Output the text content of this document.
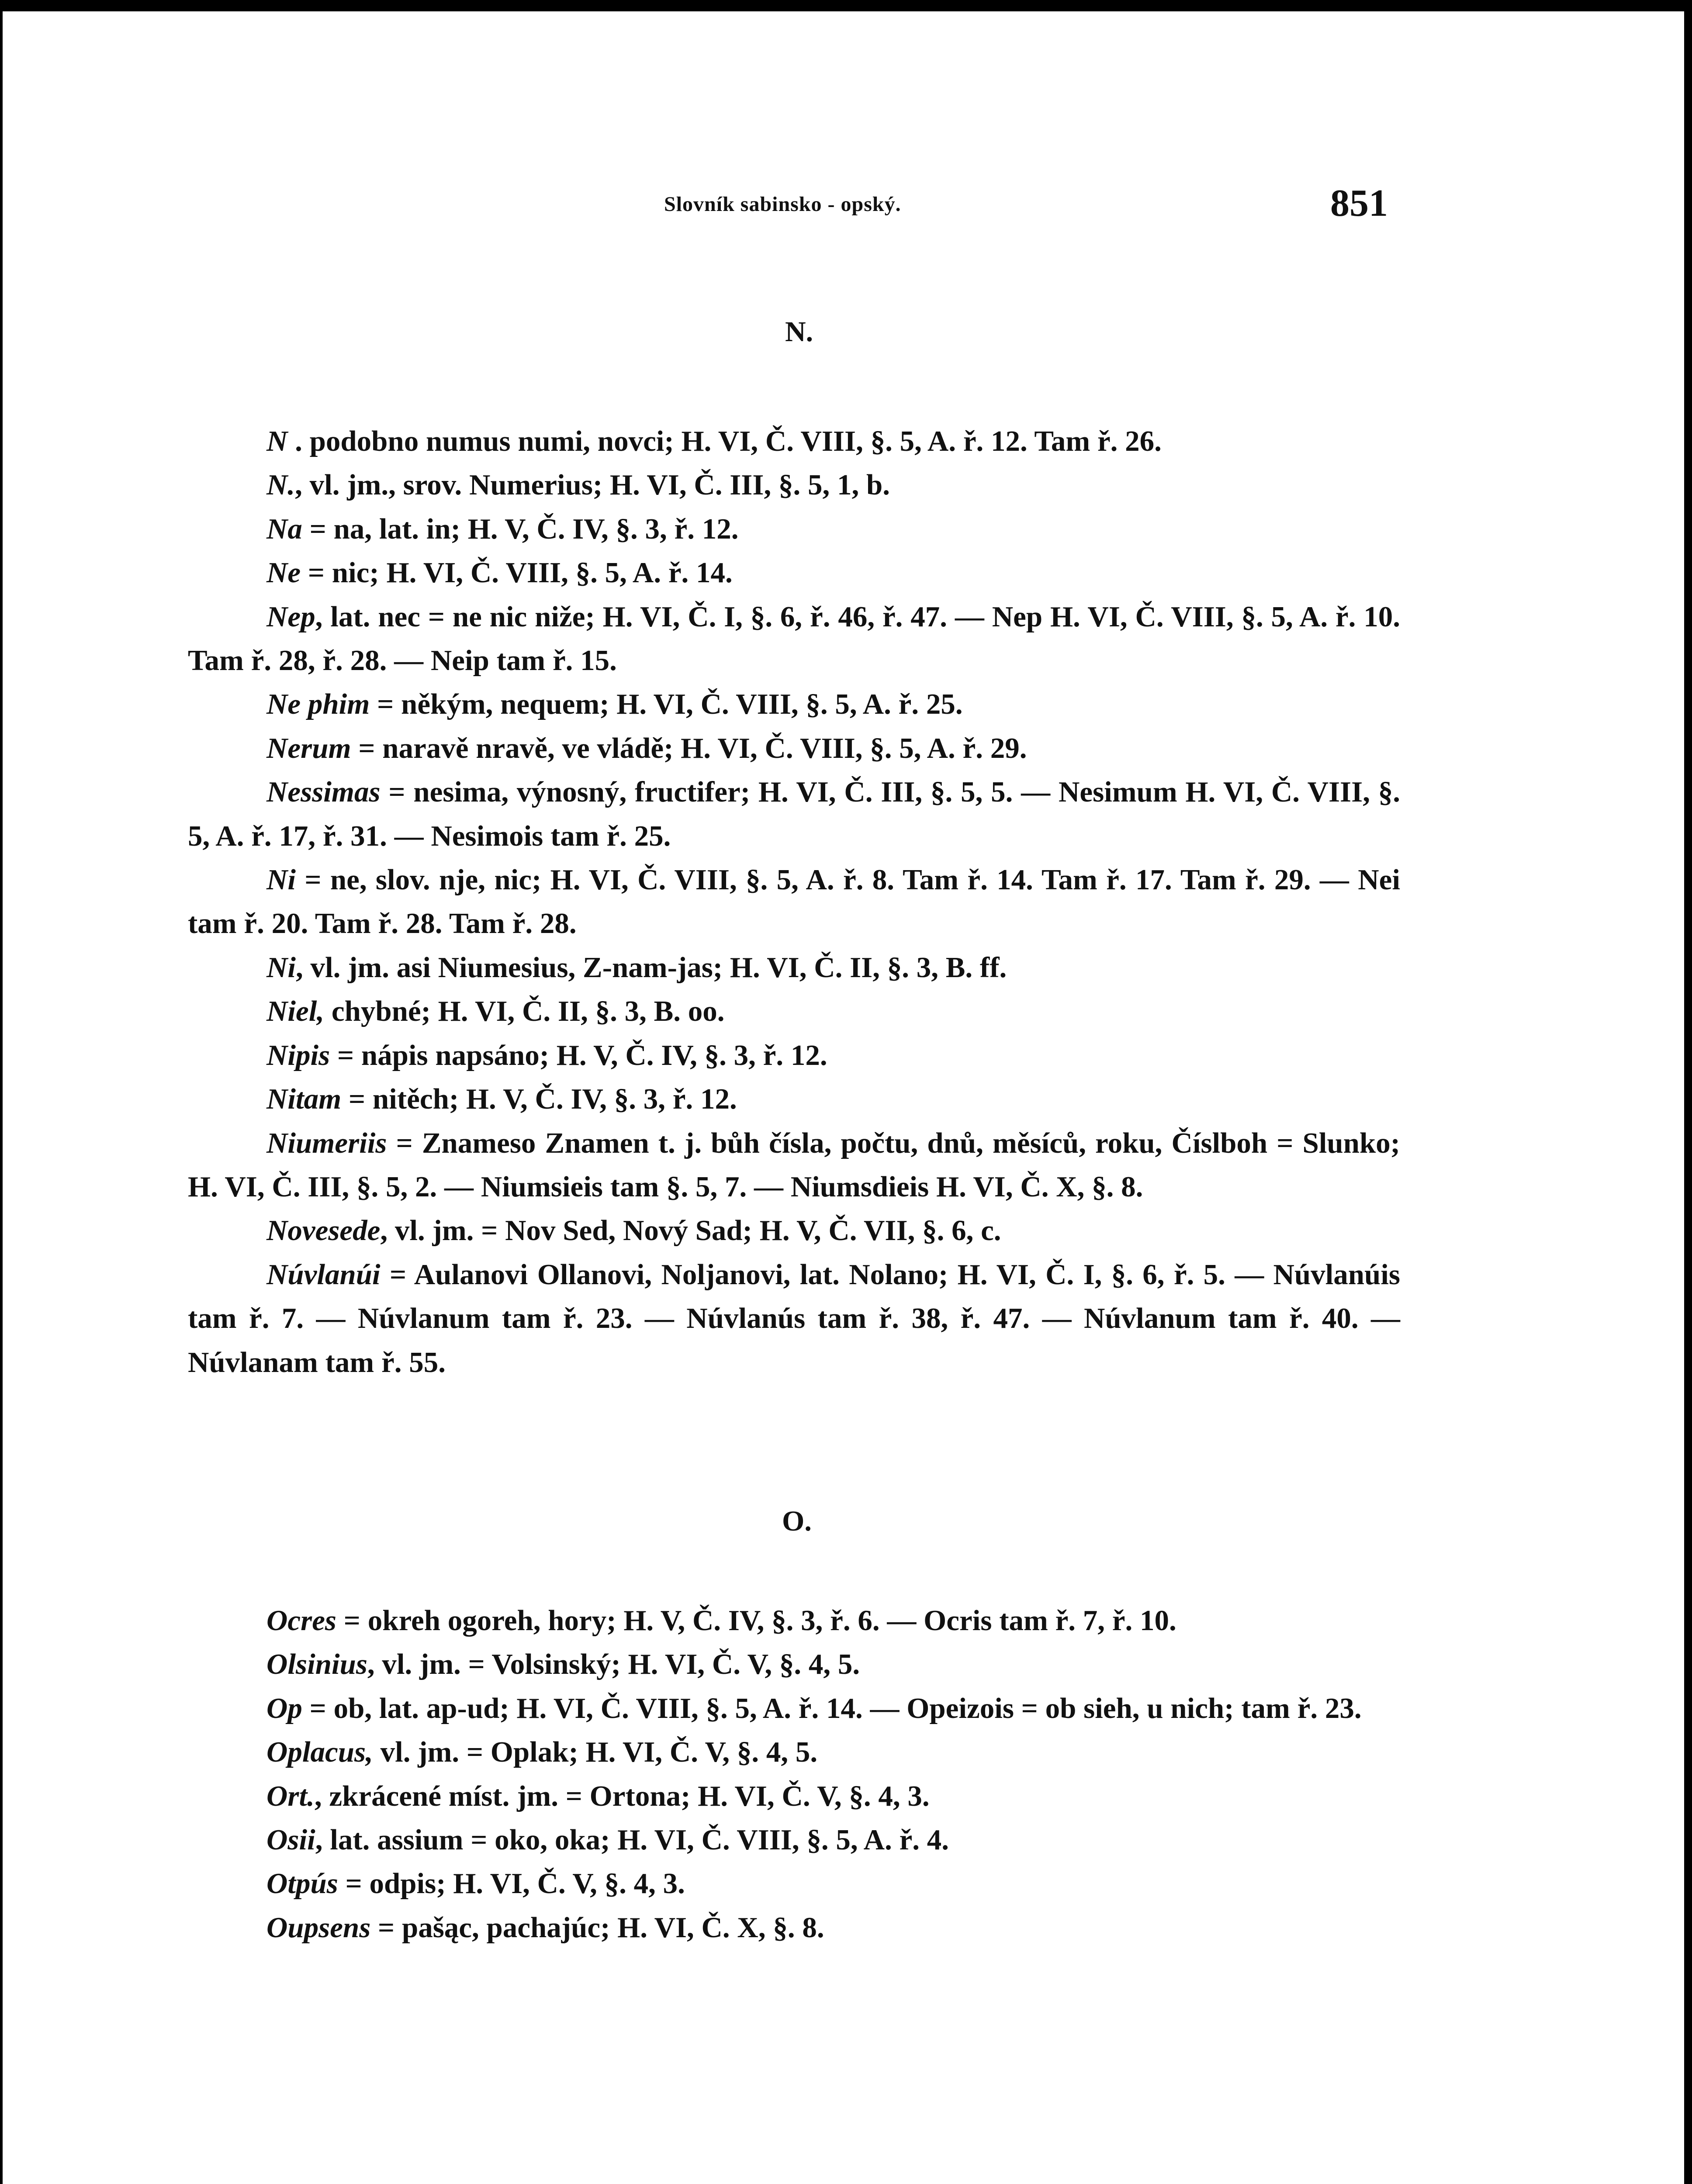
Slovník sabinsko - opský.	851
N.
N . podobno numus numi, novci; H. VI, Č. VIII, §. 5, A. ř. 12. Tam ř. 26.
N., vl. jm., srov. Numerius; H. VI, Č. III, §. 5, 1, b.
Na = na, lat. in; H. V, Č. IV, §. 3, ř. 12.
Ne = nic; H. VI, Č. VIII, §. 5, A. ř. 14.
Nep, lat. nec = ne nic niže; H. VI, Č. I, §. 6, ř. 46, ř. 47. — Nep H. VI, Č. VIII, §. 5, A. ř. 10. Tam ř. 28, ř. 28. — Neip tam ř. 15.
Ne phim = někým, nequem; H. VI, Č. VIII, §. 5, A. ř. 25.
Nerum = naravě nravě, ve vládě; H. VI, Č. VIII, §. 5, A. ř. 29.
Nessimas = nesima, výnosný, fructifer; H. VI, Č. III, §. 5, 5. — Nesimum H. VI, Č. VIII, §. 5, A. ř. 17, ř. 31. — Nesimois tam ř. 25.
Ni = ne, slov. nje, nic; H. VI, Č. VIII, §. 5, A. ř. 8. Tam ř. 14. Tam ř. 17. Tam ř. 29. — Nei tam ř. 20. Tam ř. 28. Tam ř. 28.
Ni, vl. jm. asi Niumesius, Z-nam-jas; H. VI, Č. II, §. 3, B. ff.
Niel, chybné; H. VI, Č. II, §. 3, B. oo.
Nipis = nápis napsáno; H. V, Č. IV, §. 3, ř. 12.
Nitam = nitěch; H. V, Č. IV, §. 3, ř. 12.
Niumeriis = Znameso Znamen t. j. bůh čísla, počtu, dnů, měsíců, roku, Číslboh = Slunko; H. VI, Č. III, §. 5, 2. — Niumsieis tam §. 5, 7. — Niumsdieis H. VI, Č. X, §. 8.
Novesede, vl. jm. = Nov Sed, Nový Sad; H. V, Č. VII, §. 6, c.
Núvlanúi = Aulanovi Ollanovi, Noljanovi, lat. Nolano; H. VI, Č. I, §. 6, ř. 5. — Núvlanúis tam ř. 7. — Núvlanum tam ř. 23. — Núvlanús tam ř. 38, ř. 47. — Núvlanum tam ř. 40. — Núvlanam tam ř. 55.
O.
Ocres = okreh ogoreh, hory; H. V, Č. IV, §. 3, ř. 6. — Ocris tam ř. 7, ř. 10.
Olsinius, vl. jm. = Volsinský; H. VI, Č. V, §. 4, 5.
Op = ob, lat. ap-ud; H. VI, Č. VIII, §. 5, A. ř. 14. — Opeizois = ob sieh, u nich; tam ř. 23.
Oplacus, vl. jm. = Oplak; H. VI, Č. V, §. 4, 5.
Ort., zkrácené míst. jm. = Ortona; H. VI, Č. V, §. 4, 3.
Osii, lat. assium = oko, oka; H. VI, Č. VIII, §. 5, A. ř. 4.
Otpús = odpis; H. VI, Č. V, §. 4, 3.
Oupsens = pašąc, pachajúc; H. VI, Č. X, §. 8.
